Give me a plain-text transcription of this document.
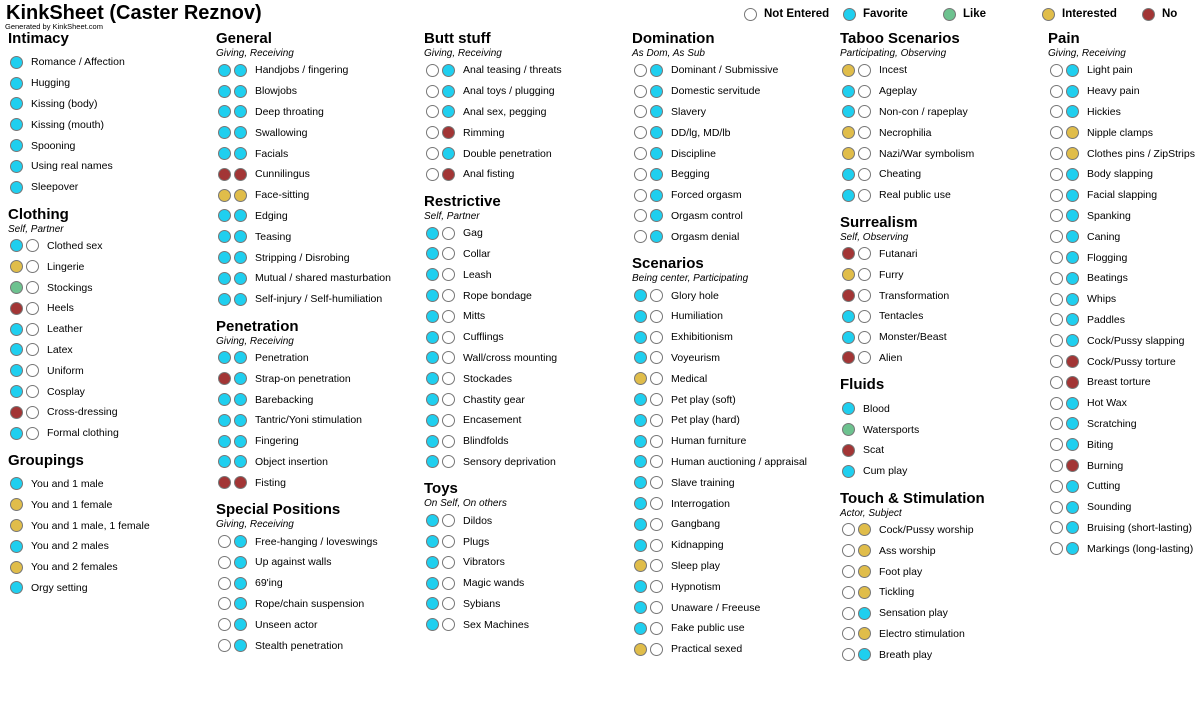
KinkSheet (Caster Reznov)
Generated by KinkSheet.com
Not Entered	Favorite	Like	Interested	No
Intimacy
Romance / Affection
Hugging
Kissing (body)
Kissing (mouth)
Spooning
Using real names
Sleepover
Clothing
Self, Partner
Clothed sex
Lingerie
Stockings
Heels
Leather
Latex
Uniform
Cosplay
Cross-dressing
Formal clothing
Groupings
You and 1 male
You and 1 female
You and 1 male, 1 female
You and 2 males
You and 2 females
Orgy setting
General
Giving, Receiving
Handjobs / fingering
Blowjobs
Deep throating
Swallowing
Facials
Cunnilingus
Face-sitting
Edging
Teasing
Stripping / Disrobing
Mutual / shared masturbation
Self-injury / Self-humiliation
Penetration
Giving, Receiving
Penetration
Strap-on penetration
Barebacking
Tantric/Yoni stimulation
Fingering
Object insertion
Fisting
Special Positions
Giving, Receiving
Free-hanging / loveswings
Up against walls
69'ing
Rope/chain suspension
Unseen actor
Stealth penetration
Butt stuff
Giving, Receiving
Anal teasing / threats
Anal toys / plugging
Anal sex, pegging
Rimming
Double penetration
Anal fisting
Restrictive
Self, Partner
Gag
Collar
Leash
Rope bondage
Mitts
Cufflings
Wall/cross mounting
Stockades
Chastity gear
Encasement
Blindfolds
Sensory deprivation
Toys
On Self, On others
Dildos
Plugs
Vibrators
Magic wands
Sybians
Sex Machines
Domination
As Dom, As Sub
Dominant / Submissive
Domestic servitude
Slavery
DD/lg, MD/lb
Discipline
Begging
Forced orgasm
Orgasm control
Orgasm denial
Scenarios
Being center, Participating
Glory hole
Humiliation
Exhibitionism
Voyeurism
Medical
Pet play (soft)
Pet play (hard)
Human furniture
Human auctioning / appraisal
Slave training
Interrogation
Gangbang
Kidnapping
Sleep play
Hypnotism
Unaware / Freeuse
Fake public use
Practical sexed
Taboo Scenarios
Participating, Observing
Incest
Ageplay
Non-con / rapeplay
Necrophilia
Nazi/War symbolism
Cheating
Real public use
Surrealism
Self, Observing
Futanari
Furry
Transformation
Tentacles
Monster/Beast
Alien
Fluids
Blood
Watersports
Scat
Cum play
Touch & Stimulation
Actor, Subject
Cock/Pussy worship
Ass worship
Foot play
Tickling
Sensation play
Electro stimulation
Breath play
Pain
Giving, Receiving
Light pain
Heavy pain
Hickies
Nipple clamps
Clothes pins / ZipStrips
Body slapping
Facial slapping
Spanking
Caning
Flogging
Beatings
Whips
Paddles
Cock/Pussy slapping
Cock/Pussy torture
Breast torture
Hot Wax
Scratching
Biting
Burning
Cutting
Sounding
Bruising (short-lasting)
Markings (long-lasting)
